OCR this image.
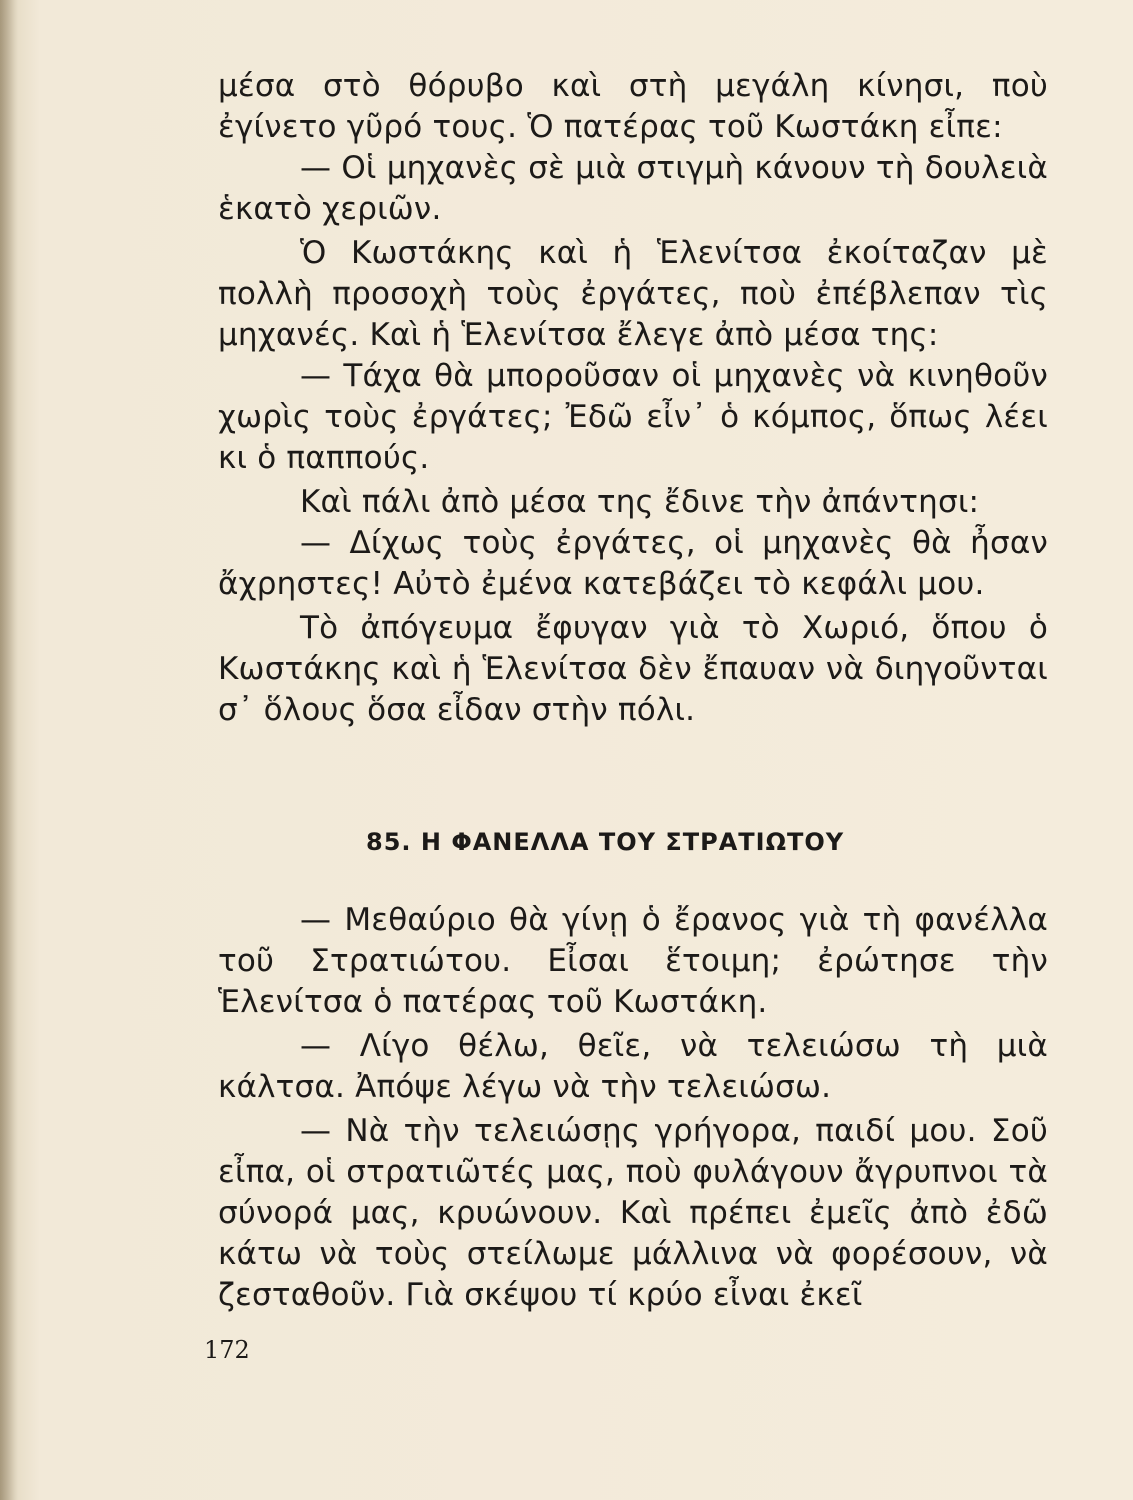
μέσα στὸ θόρυβο καὶ στὴ μεγάλη κίνησι, ποὺ ἐγίνετο γῦρό τους. Ὁ πατέρας τοῦ Κωστάκη εἶπε:

— Οἱ μηχανὲς σὲ μιὰ στιγμὴ κάνουν τὴ δουλειὰ ἑκατὸ χεριῶν.

Ὁ Κωστάκης καὶ ἡ Ἑλενίτσα ἐκοίταζαν μὲ πολλὴ προσοχὴ τοὺς ἐργάτες, ποὺ ἐπέβλεπαν τὶς μηχανές. Καὶ ἡ Ἑλενίτσα ἔλεγε ἀπὸ μέσα της:

— Τάχα θὰ μποροῦσαν οἱ μηχανὲς νὰ κινηθοῦν χωρὶς τοὺς ἐργάτες; Ἐδῶ εἶν᾿ ὁ κόμπος, ὅπως λέει κι ὁ παππούς.

Καὶ πάλι ἀπὸ μέσα της ἔδινε τὴν ἀπάντησι:

— Δίχως τοὺς ἐργάτες, οἱ μηχανὲς θὰ ἦσαν ἄχρηστες! Αὐτὸ ἐμένα κατεβάζει τὸ κεφάλι μου.

Τὸ ἀπόγευμα ἔφυγαν γιὰ τὸ Χωριό, ὅπου ὁ Κωστάκης καὶ ἡ Ἑλενίτσα δὲν ἔπαυαν νὰ διηγοῦνται σ᾿ ὅλους ὅσα εἶδαν στὴν πόλι.

85. Η ΦΑΝΕΛΛΑ ΤΟΥ ΣΤΡΑΤΙΩΤΟΥ

— Μεθαύριο θὰ γίνῃ ὁ ἔρανος γιὰ τὴ φανέλλα τοῦ Στρατιώτου. Εἶσαι ἕτοιμη; ἐρώτησε τὴν Ἑλενίτσα ὁ πατέρας τοῦ Κωστάκη.

— Λίγο θέλω, θεῖε, νὰ τελειώσω τὴ μιὰ κάλτσα. Ἀπόψε λέγω νὰ τὴν τελειώσω.

— Νὰ τὴν τελειώσῃς γρήγορα, παιδί μου. Σοῦ εἶπα, οἱ στρατιῶτές μας, ποὺ φυλάγουν ἄγρυπνοι τὰ σύνορά μας, κρυώνουν. Καὶ πρέπει ἐμεῖς ἀπὸ ἐδῶ κάτω νὰ τοὺς στείλωμε μάλλινα νὰ φορέσουν, νὰ ζεσταθοῦν. Γιὰ σκέψου τί κρύο εἶναι ἐκεῖ

172
